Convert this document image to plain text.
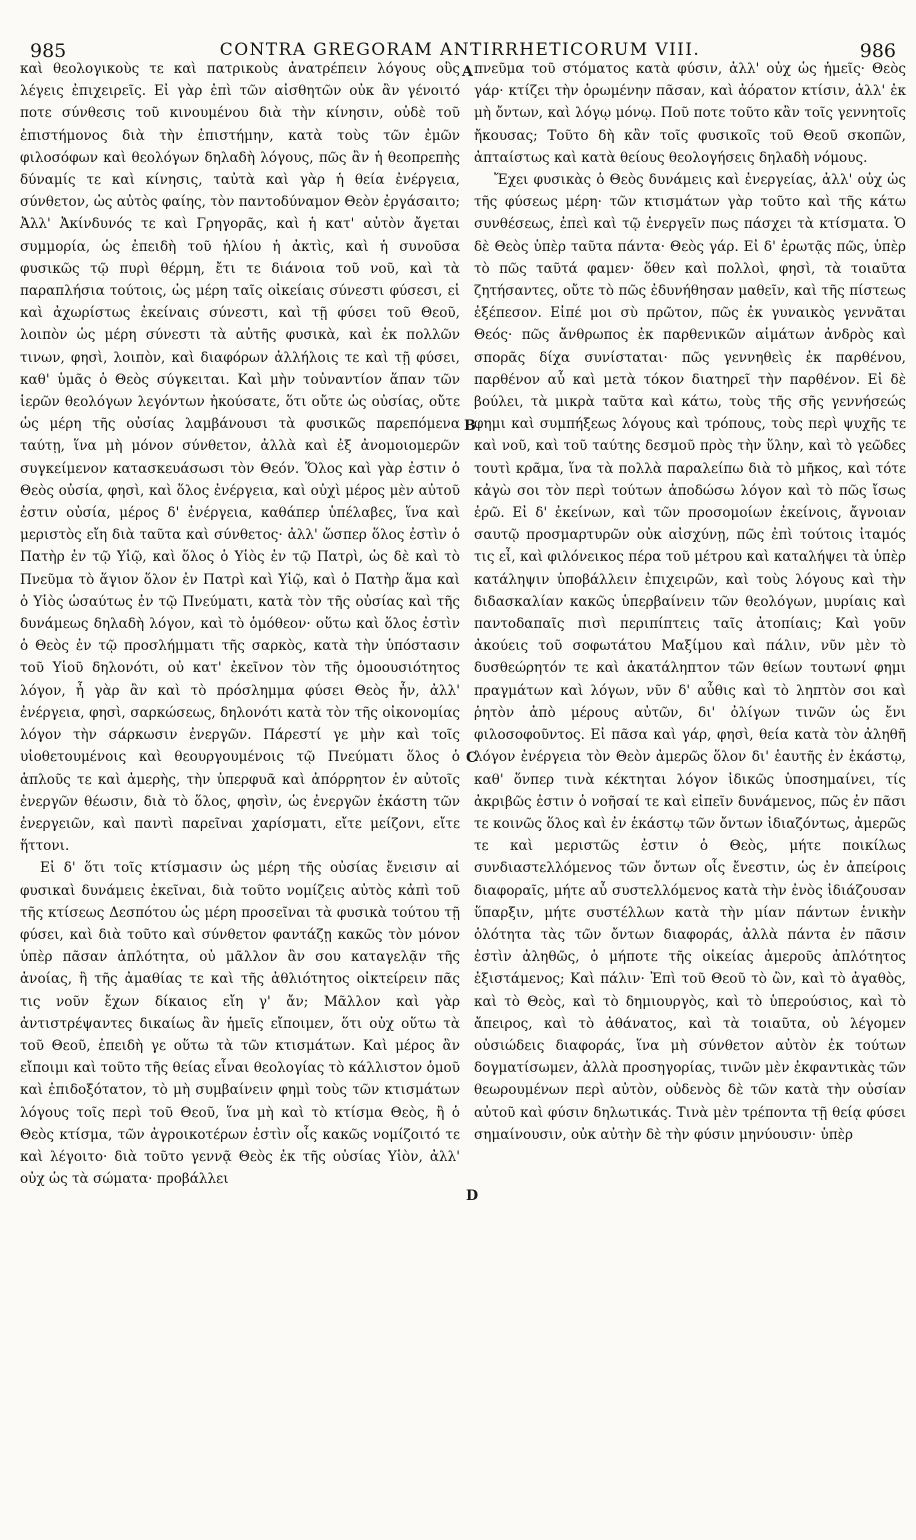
985	CONTRA GREGORAM ANTIRRHETICORUM VIII.	986

καὶ θεολογικοὺς τε καὶ πατρικοὺς ἀνατρέπειν λόγους οὓς λέγεις ἐπιχειρεῖς. Εἰ γὰρ ἐπὶ τῶν αἰσθητῶν οὐκ ἂν γένοιτό ποτε σύνθεσις τοῦ κινουμένου διὰ τὴν κίνησιν, οὐδὲ τοῦ ἐπιστήμονος διὰ τὴν ἐπιστήμην, κατὰ τοὺς τῶν ἐμῶν φιλοσόφων καὶ θεολόγων δηλαδὴ λόγους, πῶς ἂν ἡ θεοπρεπὴς δύναμίς τε καὶ κίνησις, ταὐτὰ καὶ γὰρ ἡ θεία ἐνέργεια, σύνθετον, ὡς αὐτὸς φαίης, τὸν παντοδύναμον Θεὸν ἐργάσαιτο; Ἀλλ' Ἀκίνδυνός τε καὶ Γρηγορᾶς, καὶ ἡ κατ' αὐτὸν ἄγεται συμμορία, ὡς ἐπειδὴ τοῦ ἡλίου ἡ ἀκτὶς, καὶ ἡ συνοῦσα φυσικῶς τῷ πυρὶ θέρμη, ἔτι τε διάνοια τοῦ νοῦ, καὶ τὰ παραπλήσια τούτοις, ὡς μέρη ταῖς οἰκείαις σύνεστι φύσεσι, εἰ καὶ ἀχωρίστως ἐκείναις σύνεστι, καὶ τῇ φύσει τοῦ Θεοῦ, λοιπὸν ὡς μέρη σύνεστι τὰ αὐτῆς φυσικὰ, καὶ ἐκ πολλῶν τινων, φησὶ, λοιπὸν, καὶ διαφόρων ἀλλήλοις τε καὶ τῇ φύσει, καθ' ὑμᾶς ὁ Θεὸς σύγκειται. Καὶ μὴν τοὐναντίον ἅπαν τῶν ἱερῶν θεολόγων λεγόντων ἠκούσατε, ὅτι οὔτε ὡς οὐσίας, οὔτε ὡς μέρη τῆς οὐσίας λαμβάνουσι τὰ φυσικῶς παρεπόμενα ταύτῃ, ἵνα μὴ μόνον σύνθετον, ἀλλὰ καὶ ἐξ ἀνομοιομερῶν συγκείμενον κατασκευάσωσι τὸν Θεόν. Ὅλος καὶ γὰρ ἐστιν ὁ Θεὸς οὐσία, φησὶ, καὶ ὅλος ἐνέργεια, καὶ οὐχὶ μέρος μὲν αὐτοῦ ἐστιν οὐσία, μέρος δ' ἐνέργεια, καθάπερ ὑπέλαβες, ἵνα καὶ μεριστὸς εἴη διὰ ταῦτα καὶ σύνθετος· ἀλλ' ὥσπερ ὅλος ἐστὶν ὁ Πατὴρ ἐν τῷ Υἱῷ, καὶ ὅλος ὁ Υἱὸς ἐν τῷ Πατρὶ, ὡς δὲ καὶ τὸ Πνεῦμα τὸ ἅγιον ὅλον ἐν Πατρὶ καὶ Υἱῷ, καὶ ὁ Πατὴρ ἅμα καὶ ὁ Υἱὸς ὡσαύτως ἐν τῷ Πνεύματι, κατὰ τὸν τῆς οὐσίας καὶ τῆς δυνάμεως δηλαδὴ λόγον, καὶ τὸ ὁμόθεον· οὕτω καὶ ὅλος ἐστὶν ὁ Θεὸς ἐν τῷ προσλήμματι τῆς σαρκὸς, κατὰ τὴν ὑπόστασιν τοῦ Υἱοῦ δηλονότι, οὐ κατ' ἐκεῖνον τὸν τῆς ὁμοουσιότητος λόγον, ἦ γὰρ ἂν καὶ τὸ πρόσλημμα φύσει Θεὸς ἦν, ἀλλ' ἐνέργεια, φησὶ, σαρκώσεως, δηλονότι κατὰ τὸν τῆς οἰκονομίας λόγον τὴν σάρκωσιν ἐνεργῶν. Πάρεστί γε μὴν καὶ τοῖς υἱοθετουμένοις καὶ θεουργουμένοις τῷ Πνεύματι ὅλος ὁ ἁπλοῦς τε καὶ ἀμερὴς, τὴν ὑπερφυᾶ καὶ ἀπόρρητον ἐν αὐτοῖς ἐνεργῶν θέωσιν, διὰ τὸ ὅλος, φησὶν, ὡς ἐνεργῶν ἑκάστη τῶν ἐνεργειῶν, καὶ παντὶ παρεῖναι χαρίσματι, εἴτε μείζονι, εἴτε ἥττονι.

Εἰ δ' ὅτι τοῖς κτίσμασιν ὡς μέρη τῆς οὐσίας ἔνεισιν αἱ φυσικαὶ δυνάμεις ἐκεῖναι, διὰ τοῦτο νομίζεις αὐτὸς κἀπὶ τοῦ τῆς κτίσεως Δεσπότου ὡς μέρη προσεῖναι τὰ φυσικὰ τούτου τῇ φύσει, καὶ διὰ τοῦτο καὶ σύνθετον φαντάζῃ κακῶς τὸν μόνον ὑπὲρ πᾶσαν ἁπλότητα, οὐ μᾶλλον ἂν σου καταγελᾷν τῆς ἀνοίας, ἢ τῆς ἀμαθίας τε καὶ τῆς ἀθλιότητος οἰκτείρειν πᾶς τις νοῦν ἔχων δίκαιος εἴη γ' ἄν; Μᾶλλον καὶ γὰρ ἀντιστρέψαντες δικαίως ἂν ἡμεῖς εἴποιμεν, ὅτι οὐχ οὕτω τὰ τοῦ Θεοῦ, ἐπειδὴ γε οὕτω τὰ τῶν κτισμάτων. Καὶ μέρος ἂν εἴποιμι καὶ τοῦτο τῆς θείας εἶναι θεολογίας τὸ κάλλιστον ὁμοῦ καὶ ἐπιδοξότατον, τὸ μὴ συμβαίνειν φημὶ τοὺς τῶν κτισμάτων λόγους τοῖς περὶ τοῦ Θεοῦ, ἵνα μὴ καὶ τὸ κτίσμα Θεὸς, ἢ ὁ Θεὸς κτίσμα, τῶν ἀγροικοτέρων ἐστὶν οἷς κακῶς νομίζοιτό τε καὶ λέγοιτο· διὰ τοῦτο γεννᾷ Θεὸς ἐκ τῆς οὐσίας Υἱὸν, ἀλλ' οὐχ ὡς τὰ σώματα· προβάλλει

A
B
C
D

πνεῦμα τοῦ στόματος κατὰ φύσιν, ἀλλ' οὐχ ὡς ἡμεῖς· Θεὸς γάρ· κτίζει τὴν ὁρωμένην πᾶσαν, καὶ ἀόρατον κτίσιν, ἀλλ' ἐκ μὴ ὄντων, καὶ λόγῳ μόνῳ. Ποῦ ποτε τοῦτο κἂν τοῖς γεννητοῖς ἤκουσας; Τοῦτο δὴ κἂν τοῖς φυσικοῖς τοῦ Θεοῦ σκοπῶν, ἀπταίστως καὶ κατὰ θείους θεολογήσεις δηλαδὴ νόμους.

Ἔχει φυσικὰς ὁ Θεὸς δυνάμεις καὶ ἐνεργείας, ἀλλ' οὐχ ὡς τῆς φύσεως μέρη· τῶν κτισμάτων γὰρ τοῦτο καὶ τῆς κάτω συνθέσεως, ἐπεὶ καὶ τῷ ἐνεργεῖν πως πάσχει τὰ κτίσματα. Ὁ δὲ Θεὸς ὑπὲρ ταῦτα πάντα· Θεὸς γάρ. Εἰ δ' ἐρωτᾷς πῶς, ὑπὲρ τὸ πῶς ταῦτά φαμεν· ὅθεν καὶ πολλοὶ, φησὶ, τὰ τοιαῦτα ζητήσαντες, οὔτε τὸ πῶς ἐδυνήθησαν μαθεῖν, καὶ τῆς πίστεως ἐξέπεσον. Εἰπέ μοι σὺ πρῶτον, πῶς ἐκ γυναικὸς γεννᾶται Θεός· πῶς ἄνθρωπος ἐκ παρθενικῶν αἱμάτων ἀνδρὸς καὶ σπορᾶς δίχα συνίσταται· πῶς γεννηθεὶς ἐκ παρθένου, παρθένον αὖ καὶ μετὰ τόκον διατηρεῖ τὴν παρθένον. Εἰ δὲ βούλει, τὰ μικρὰ ταῦτα καὶ κάτω, τοὺς τῆς σῆς γεννήσεώς φημι καὶ συμπήξεως λόγους καὶ τρόπους, τοὺς περὶ ψυχῆς τε καὶ νοῦ, καὶ τοῦ ταύτης δεσμοῦ πρὸς τὴν ὕλην, καὶ τὸ γεῶδες τουτὶ κρᾶμα, ἵνα τὰ πολλὰ παραλείπω διὰ τὸ μῆκος, καὶ τότε κἀγὼ σοι τὸν περὶ τούτων ἀποδώσω λόγον καὶ τὸ πῶς ἴσως ἐρῶ. Εἰ δ' ἐκείνων, καὶ τῶν προσομοίων ἐκείνοις, ἄγνοιαν σαυτῷ προσμαρτυρῶν οὐκ αἰσχύνῃ, πῶς ἐπὶ τούτοις ἰταμός τις εἶ, καὶ φιλόνεικος πέρα τοῦ μέτρου καὶ καταλήψει τὰ ὑπὲρ κατάληψιν ὑποβάλλειν ἐπιχειρῶν, καὶ τοὺς λόγους καὶ τὴν διδασκαλίαν κακῶς ὑπερβαίνειν τῶν θεολόγων, μυρίαις καὶ παντοδαπαῖς πισὶ περιπίπτεις ταῖς ἀτοπίαις; Καὶ γοῦν ἀκούεις τοῦ σοφωτάτου Μαξίμου καὶ πάλιν, νῦν μὲν τὸ δυσθεώρητόν τε καὶ ἀκατάληπτον τῶν θείων τουτωνί φημι πραγμάτων καὶ λόγων, νῦν δ' αὖθις καὶ τὸ ληπτὸν σοι καὶ ῥητὸν ἀπὸ μέρους αὐτῶν, δι' ὀλίγων τινῶν ὡς ἔνι φιλοσοφοῦντος. Εἰ πᾶσα καὶ γάρ, φησὶ, θεία κατὰ τὸν ἀληθῆ λόγον ἐνέργεια τὸν Θεὸν ἀμερῶς ὅλον δι' ἑαυτῆς ἐν ἑκάστῳ, καθ' ὅνπερ τινὰ κέκτηται λόγον ἰδικῶς ὑποσημαίνει, τίς ἀκριβῶς ἐστιν ὁ νοῆσαί τε καὶ εἰπεῖν δυνάμενος, πῶς ἐν πᾶσι τε κοινῶς ὅλος καὶ ἐν ἑκάστῳ τῶν ὄντων ἰδιαζόντως, ἀμερῶς τε καὶ μεριστῶς ἐστιν ὁ Θεὸς, μήτε ποικίλως συνδιαστελλόμενος τῶν ὄντων οἷς ἔνεστιν, ὡς ἐν ἀπείροις διαφοραῖς, μήτε αὖ συστελλόμενος κατὰ τὴν ἐνὸς ἰδιάζουσαν ὕπαρξιν, μήτε συστέλλων κατὰ τὴν μίαν πάντων ἑνικὴν ὁλότητα τὰς τῶν ὄντων διαφοράς, ἀλλὰ πάντα ἐν πᾶσιν ἐστὶν ἀληθῶς, ὁ μήποτε τῆς οἰκείας ἀμεροῦς ἁπλότητος ἐξιστάμενος; Καὶ πάλιν· Ἐπὶ τοῦ Θεοῦ τὸ ὢν, καὶ τὸ ἀγαθὸς, καὶ τὸ Θεὸς, καὶ τὸ δημιουργὸς, καὶ τὸ ὑπερούσιος, καὶ τὸ ἄπειρος, καὶ τὸ ἀθάνατος, καὶ τὰ τοιαῦτα, οὐ λέγομεν οὐσιώδεις διαφοράς, ἵνα μὴ σύνθετον αὐτὸν ἐκ τούτων δογματίσωμεν, ἀλλὰ προσηγορίας, τινῶν μὲν ἐκφαντικὰς τῶν θεωρουμένων περὶ αὐτὸν, οὐδενὸς δὲ τῶν κατὰ τὴν οὐσίαν αὐτοῦ καὶ φύσιν δηλωτικάς. Τινὰ μὲν τρέποντα τῇ θείᾳ φύσει σημαίνουσιν, οὐκ αὐτὴν δὲ τὴν φύσιν μηνύουσιν· ὑπὲρ
